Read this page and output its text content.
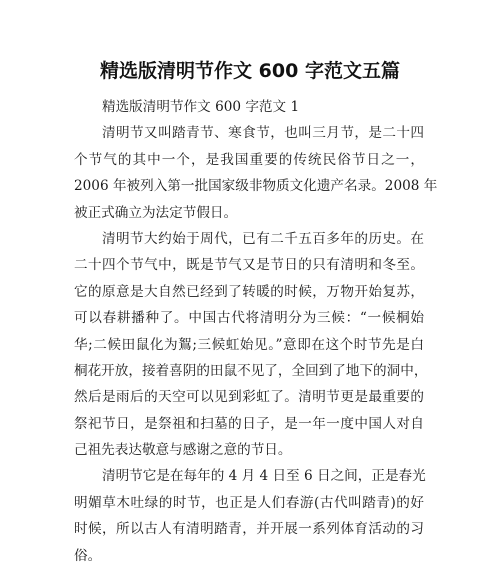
精选版清明节作文 600 字范文五篇
精选版清明节作文 600 字范文 1
清明节又叫踏青节、寒食节，也叫三月节，是二十四
个节气的其中一个，是我国重要的传统民俗节日之一，
2006 年被列入第一批国家级非物质文化遗产名录。2008 年
被正式确立为法定节假日。
清明节大约始于周代，已有二千五百多年的历史。在
二十四个节气中，既是节气又是节日的只有清明和冬至。
它的原意是大自然已经到了转暖的时候，万物开始复苏，
可以春耕播种了。中国古代将清明分为三候：“一候桐始
华;二候田鼠化为鴽;三候虹始见。”意即在这个时节先是白
桐花开放，接着喜阴的田鼠不见了，全回到了地下的洞中，
然后是雨后的天空可以见到彩虹了。清明节更是最重要的
祭祀节日，是祭祖和扫墓的日子，是一年一度中国人对自
己祖先表达敬意与感谢之意的节日。
清明节它是在每年的 4 月 4 日至 6 日之间，正是春光
明媚草木吐绿的时节，也正是人们春游(古代叫踏青)的好
时候，所以古人有清明踏青，并开展一系列体育活动的习
俗。
